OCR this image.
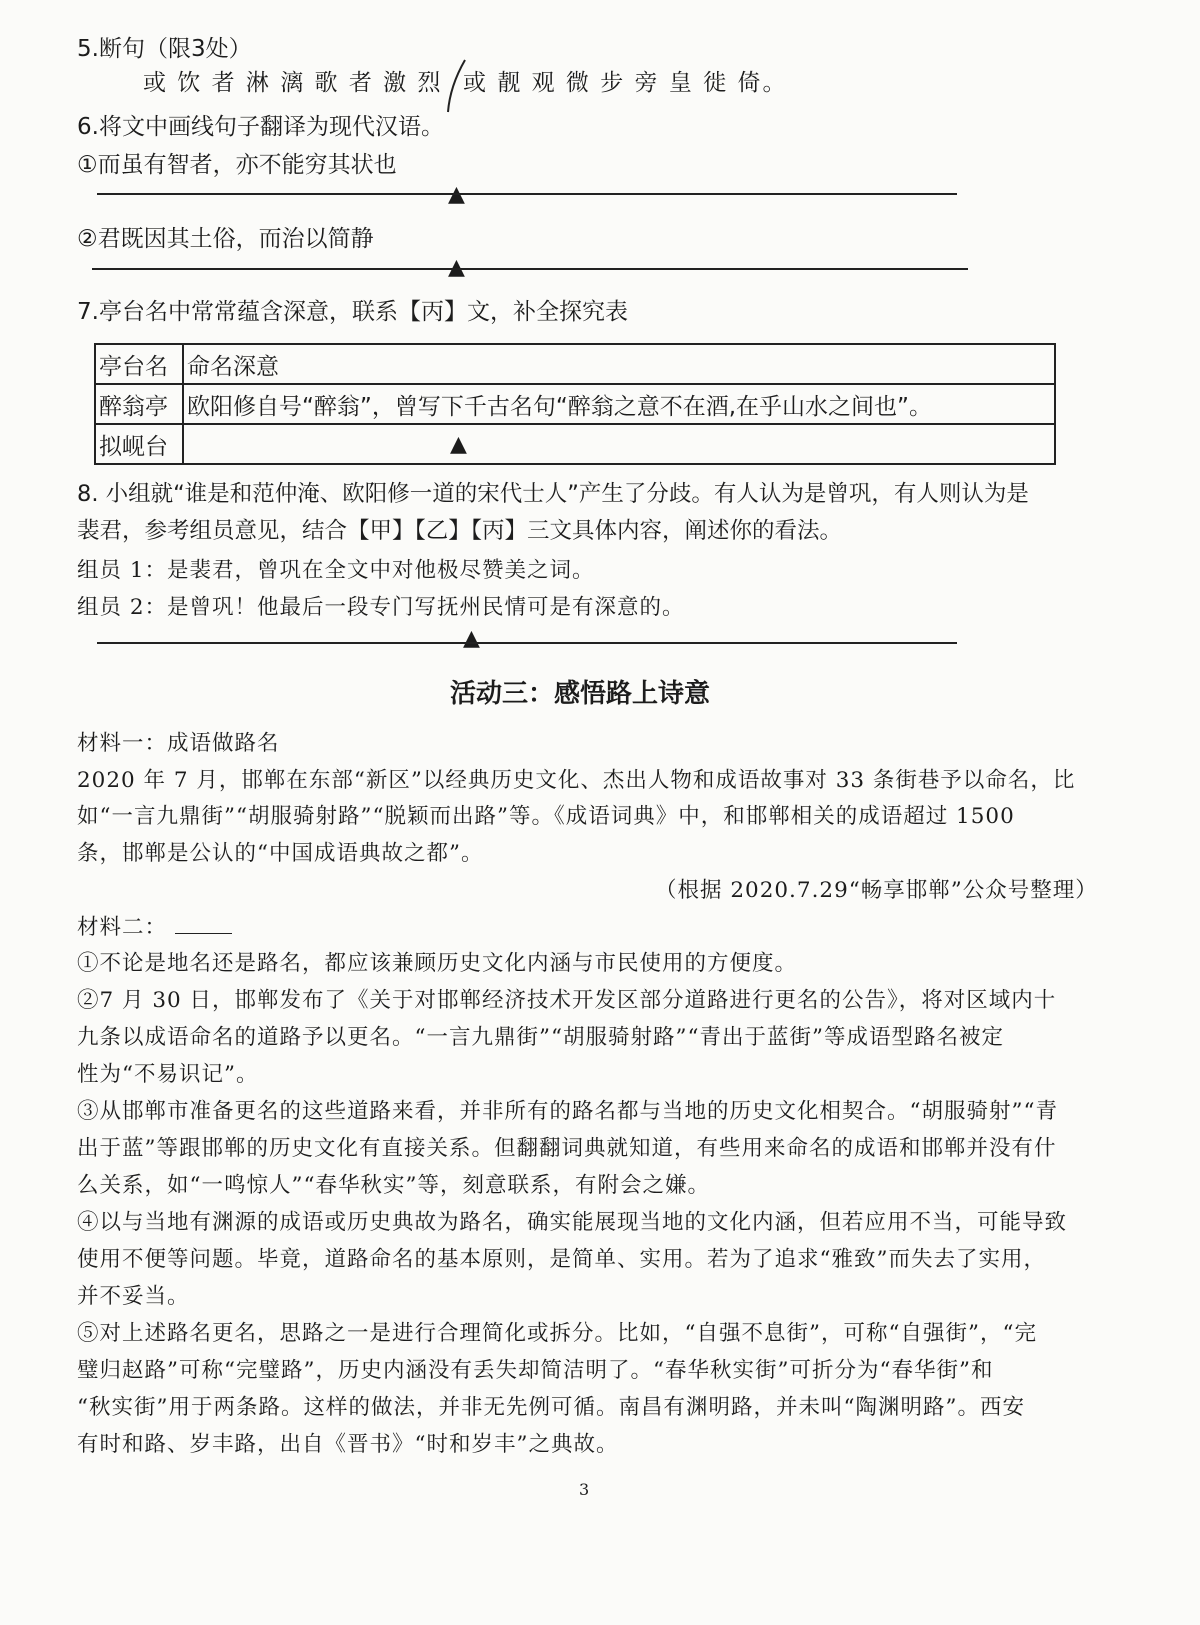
5.断句（限3处）
或 饮 者 淋 漓 歌 者 激 烈 或 靓 观 微 步 旁 皇 徙 倚。
6.将文中画线句子翻译为现代汉语。
①而虽有智者，亦不能穷其状也
▲
②君既因其土俗，而治以简静
▲
7.亭台名中常常蕴含深意，联系【丙】文，补全探究表
亭台名	命名深意
醉翁亭	欧阳修自号“醉翁”，曾写下千古名句“醉翁之意不在酒,在乎山水之间也”。
拟岘台	▲
8. 小组就“谁是和范仲淹、欧阳修一道的宋代士人”产生了分歧。有人认为是曾巩，有人则认为是
裴君，参考组员意见，结合【甲】【乙】【丙】三文具体内容，阐述你的看法。
组员 1：是裴君，曾巩在全文中对他极尽赞美之词。
组员 2：是曾巩！他最后一段专门写抚州民情可是有深意的。
▲
活动三：感悟路上诗意
材料一：成语做路名
2020 年 7 月，邯郸在东部“新区”以经典历史文化、杰出人物和成语故事对 33 条街巷予以命名，比
如“一言九鼎街”“胡服骑射路”“脱颖而出路”等。《成语词典》中，和邯郸相关的成语超过 1500
条，邯郸是公认的“中国成语典故之都”。
（根据 2020.7.29“畅享邯郸”公众号整理）
材料二：
①不论是地名还是路名，都应该兼顾历史文化内涵与市民使用的方便度。
②7 月 30 日，邯郸发布了《关于对邯郸经济技术开发区部分道路进行更名的公告》，将对区域内十
九条以成语命名的道路予以更名。“一言九鼎街”“胡服骑射路”“青出于蓝街”等成语型路名被定
性为“不易识记”。
③从邯郸市准备更名的这些道路来看，并非所有的路名都与当地的历史文化相契合。“胡服骑射”“青
出于蓝”等跟邯郸的历史文化有直接关系。但翻翻词典就知道，有些用来命名的成语和邯郸并没有什
么关系，如“一鸣惊人”“春华秋实”等，刻意联系，有附会之嫌。
④以与当地有渊源的成语或历史典故为路名，确实能展现当地的文化内涵，但若应用不当，可能导致
使用不便等问题。毕竟，道路命名的基本原则，是简单、实用。若为了追求“雅致”而失去了实用，
并不妥当。
⑤对上述路名更名，思路之一是进行合理简化或拆分。比如，“自强不息街”，可称“自强街”，“完
璧归赵路”可称“完璧路”，历史内涵没有丢失却简洁明了。“春华秋实街”可折分为“春华街”和
“秋实街”用于两条路。这样的做法，并非无先例可循。南昌有渊明路，并未叫“陶渊明路”。西安
有时和路、岁丰路，出自《晋书》“时和岁丰”之典故。
3
